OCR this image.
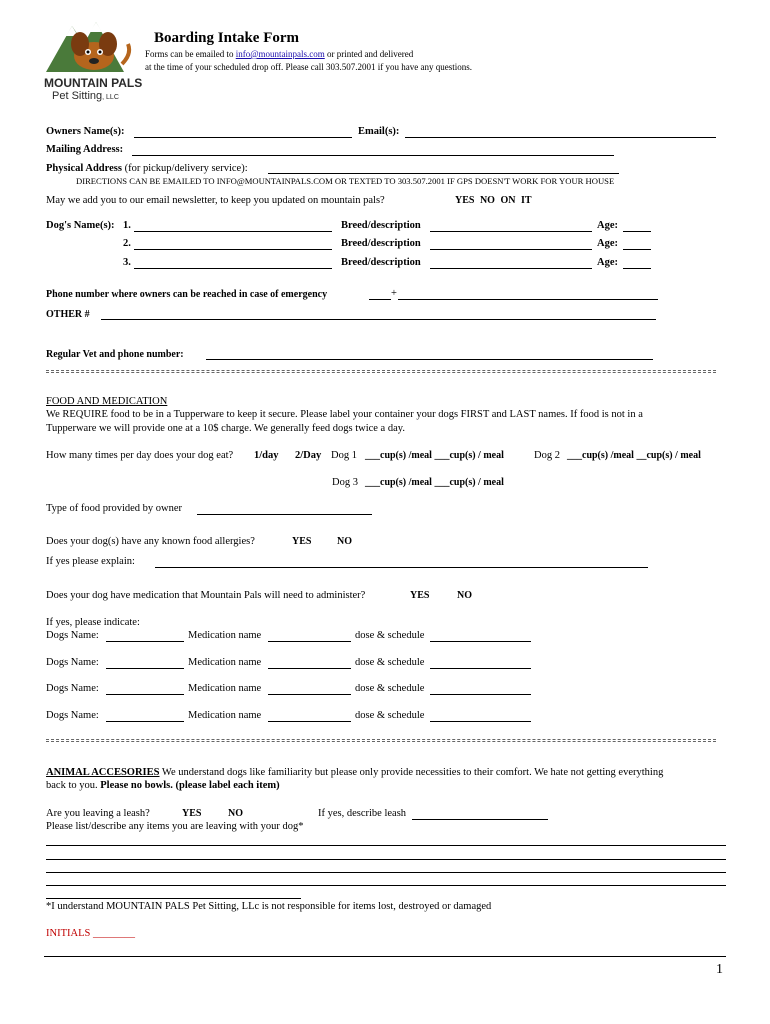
MOUNTAIN PALS
Pet Sitting, LLC
Boarding Intake Form
Forms can be emailed to info@mountainpals.com or printed and delivered
at the time of your scheduled drop off. Please call 303.507.2001 if you have any questions.
Owners Name(s):	Email(s):
Mailing Address:
Physical Address (for pickup/delivery service):
DIRECTIONS CAN BE EMAILED TO INFO@MOUNTAINPALS.COM OR TEXTED TO 303.507.2001 IF GPS DOESN'T WORK FOR YOUR HOUSE
May we add you to our email newsletter, to keep you updated on mountain pals?	YES NO ON IT
Dog's Name(s): 1.	Breed/description	Age:
2.	Breed/description	Age:
3.	Breed/description	Age:
Phone number where owners can be reached in case of emergency	+
OTHER #
Regular Vet and phone number:
FOOD AND MEDICATION
We REQUIRE food to be in a Tupperware to keep it secure. Please label your container your dogs FIRST and LAST names. If food is not in a
Tupperware we will provide one at a 10$ charge. We generally feed dogs twice a day.
How many times per day does your dog eat? 1/day 2/Day Dog 1 ___cup(s) /meal ___cup(s) / meal	Dog 2 ___cup(s) /meal __cup(s) / meal
Dog 3 ___cup(s) /meal ___cup(s) / meal
Type of food provided by owner
Does your dog(s) have any known food allergies?	YES	NO
If yes please explain:
Does your dog have medication that Mountain Pals will need to administer?	YES	NO
If yes, please indicate:
Dogs Name:	Medication name	dose & schedule
Dogs Name:	Medication name	dose & schedule
Dogs Name:	Medication name	dose & schedule
Dogs Name:	Medication name	dose & schedule
ANIMAL ACCESORIES We understand dogs like familiarity but please only provide necessities to their comfort. We hate not getting everything
back to you. Please no bowls. (please label each item)
Are you leaving a leash?	YES	NO	If yes, describe leash
Please list/describe any items you are leaving with your dog*
*I understand MOUNTAIN PALS Pet Sitting, LLc is not responsible for items lost, destroyed or damaged
INITIALS ________
1
